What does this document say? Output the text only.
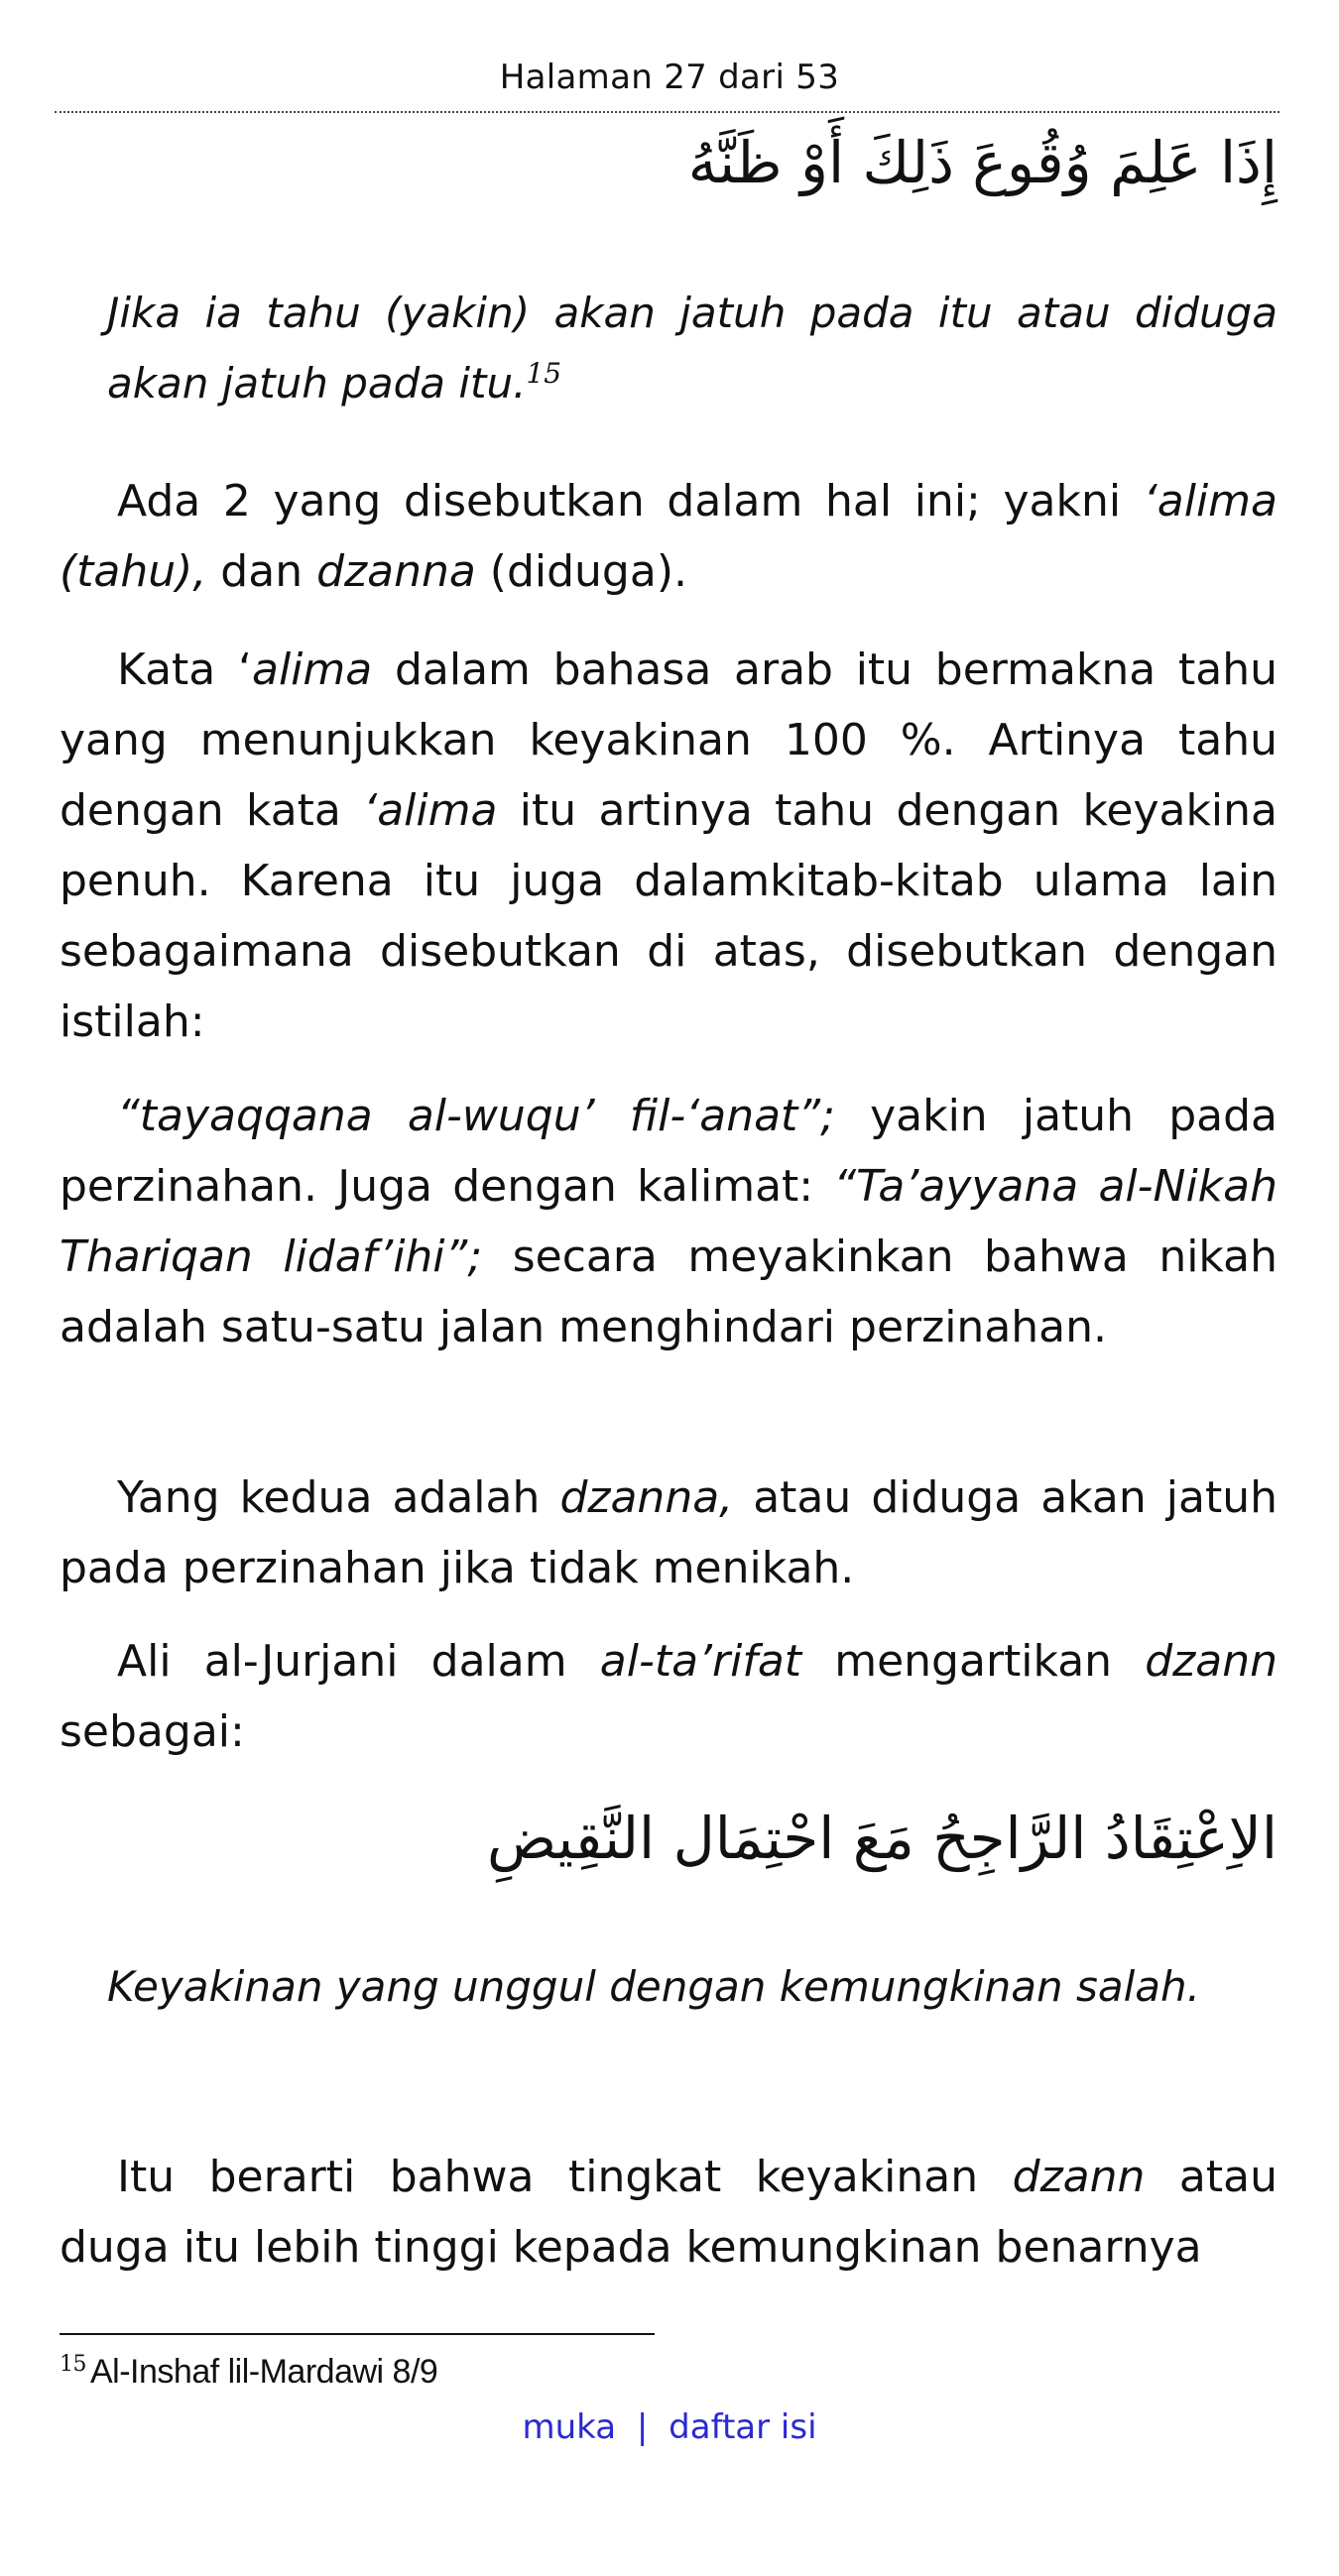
Halaman 27 dari 53
إِذَا عَلِمَ وُقُوعَ ذَلِكَ أَوْ ظَنَّهُ

Jika ia tahu (yakin) akan jatuh pada itu atau diduga akan jatuh pada itu.$^{15}$

Ada 2 yang disebutkan dalam hal ini; yakni ‘alima (tahu), dan dzanna (diduga).

Kata ‘alima dalam bahasa arab itu bermakna tahu yang menunjukkan keyakinan 100 %. Artinya tahu dengan kata ‘alima itu artinya tahu dengan keyakina penuh. Karena itu juga dalamkitab-kitab ulama lain sebagaimana disebutkan di atas, disebutkan dengan istilah:

“tayaqqana al-wuqu’ fil-‘anat”; yakin jatuh pada perzinahan. Juga dengan kalimat: “Ta’ayyana al-Nikah Thariqan lidaf’ihi”; secara meyakinkan bahwa nikah adalah satu-satu jalan menghindari perzinahan.

Yang kedua adalah dzanna, atau diduga akan jatuh pada perzinahan jika tidak menikah.

Ali al-Jurjani dalam al-ta’rifat mengartikan dzann sebagai:

الاِعْتِقَادُ الرَّاجِحُ مَعَ احْتِمَال النَّقِيضِ

Keyakinan yang unggul dengan kemungkinan salah.

Itu berarti bahwa tingkat keyakinan dzann atau duga itu lebih tinggi kepada kemungkinan benarnya

$^{15}$ Al-Inshaf lil-Mardawi 8/9
muka | daftar isi
